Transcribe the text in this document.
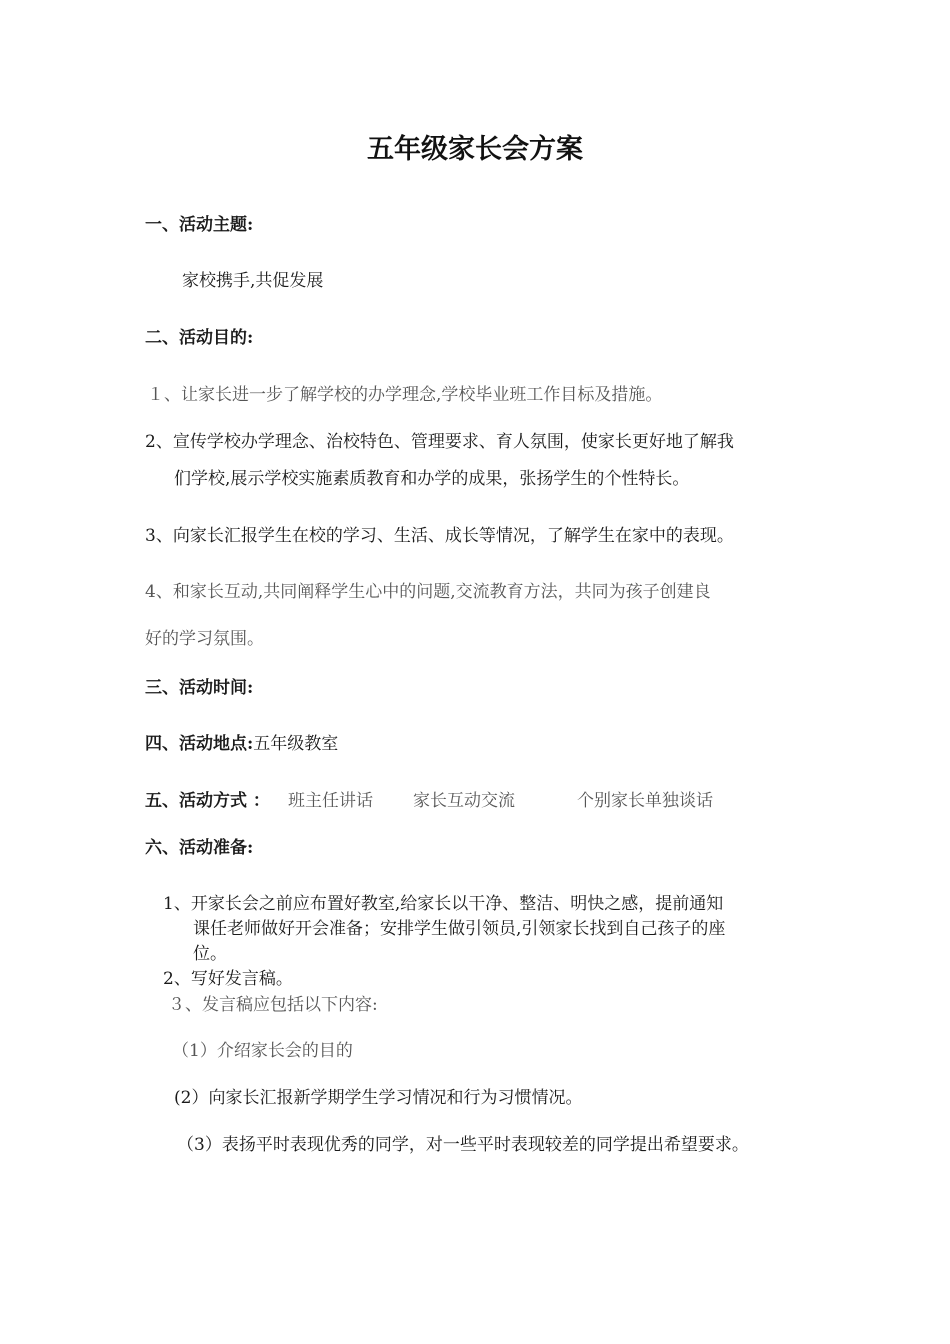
五年级家长会方案
一、活动主题:
家校携手,共促发展
二、活动目的:
１、让家长进一步了解学校的办学理念,学校毕业班工作目标及措施。
2、宣传学校办学理念、治校特色、管理要求、育人氛围，使家长更好地了解我
们学校,展示学校实施素质教育和办学的成果，张扬学生的个性特长。
3、向家长汇报学生在校的学习、生活、成长等情况，了解学生在家中的表现。
4、和家长互动,共同阐释学生心中的问题,交流教育方法，共同为孩子创建良
好的学习氛围。
三、活动时间:
四、活动地点:五年级教室
五、活动方式 ： 班主任讲话 家长互动交流	个别家长单独谈话
六、活动准备:
1、开家长会之前应布置好教室,给家长以干净、整洁、明快之感，提前通知
课任老师做好开会准备；安排学生做引领员,引领家长找到自己孩子的座
位。
2、写好发言稿。
３、发言稿应包括以下内容:
（1）介绍家长会的目的
(2）向家长汇报新学期学生学习情况和行为习惯情况。
（3）表扬平时表现优秀的同学，对一些平时表现较差的同学提出希望要求。
